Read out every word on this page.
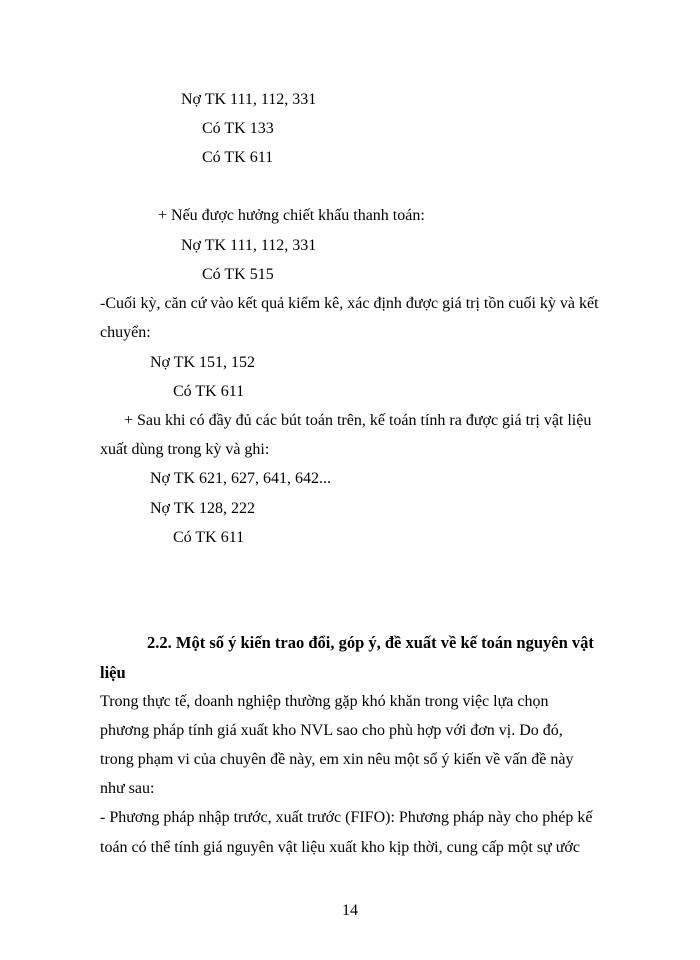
Nợ TK 111, 112, 331
Có TK 133
Có TK 611
+ Nếu được hưởng chiết khấu thanh toán:
Nợ TK 111, 112, 331
Có TK 515
-Cuối kỳ, căn cứ vào kết quả kiểm kê, xác định được giá trị tồn cuối kỳ và kết
chuyển:
Nợ TK 151, 152
Có TK 611
+ Sau khi có đầy đủ các bút toán trên, kế toán tính ra được giá trị vật liệu
xuất dùng trong kỳ và ghi:
Nợ TK 621, 627, 641, 642...
Nợ TK 128, 222
Có TK 611
2.2. Một số ý kiến trao đổi, góp ý, đề xuất về kế toán nguyên vật
liệu
Trong thực tế, doanh nghiệp thường gặp khó khăn trong việc lựa chọn
phương pháp tính giá xuất kho NVL sao cho phù hợp với đơn vị. Do đó,
trong phạm vi của chuyên đề này, em xin nêu một số ý kiến về vấn đề này
như sau:
- Phương pháp nhập trước, xuất trước (FIFO): Phương pháp này cho phép kế
toán có thể tính giá nguyên vật liệu xuất kho kịp thời, cung cấp một sự ước
14
